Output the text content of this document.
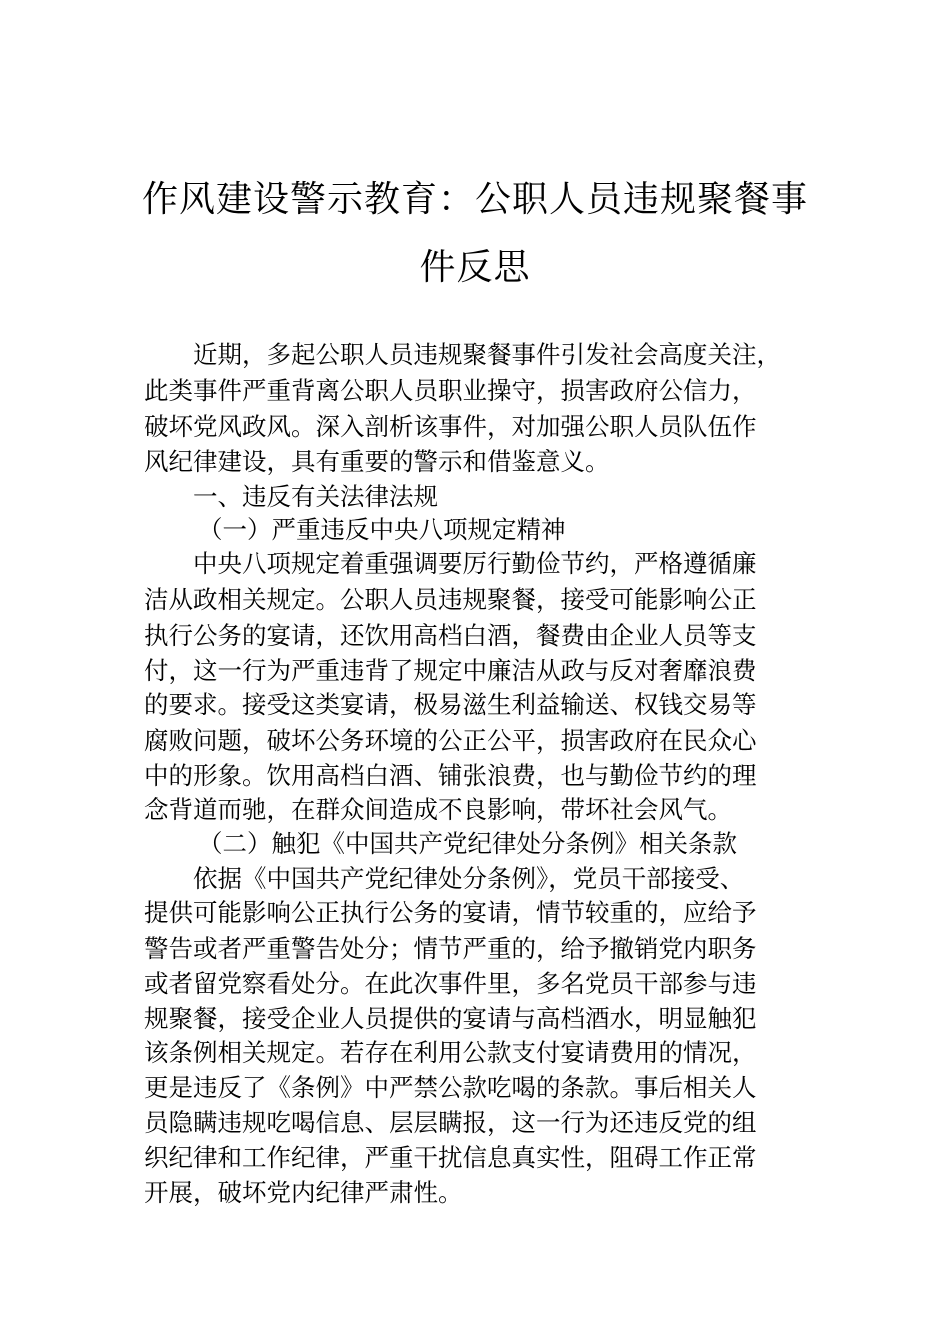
作风建设警示教育：公职人员违规聚餐事
件反思
近期，多起公职人员违规聚餐事件引发社会高度关注，
此类事件严重背离公职人员职业操守，损害政府公信力，
破坏党风政风。深入剖析该事件，对加强公职人员队伍作
风纪律建设，具有重要的警示和借鉴意义。
一、违反有关法律法规
（一）严重违反中央八项规定精神
中央八项规定着重强调要厉行勤俭节约，严格遵循廉
洁从政相关规定。公职人员违规聚餐，接受可能影响公正
执行公务的宴请，还饮用高档白酒，餐费由企业人员等支
付，这一行为严重违背了规定中廉洁从政与反对奢靡浪费
的要求。接受这类宴请，极易滋生利益输送、权钱交易等
腐败问题，破坏公务环境的公正公平，损害政府在民众心
中的形象。饮用高档白酒、铺张浪费，也与勤俭节约的理
念背道而驰，在群众间造成不良影响，带坏社会风气。
（二）触犯《中国共产党纪律处分条例》相关条款
依据《中国共产党纪律处分条例》，党员干部接受、
提供可能影响公正执行公务的宴请，情节较重的，应给予
警告或者严重警告处分；情节严重的，给予撤销党内职务
或者留党察看处分。在此次事件里，多名党员干部参与违
规聚餐，接受企业人员提供的宴请与高档酒水，明显触犯
该条例相关规定。若存在利用公款支付宴请费用的情况，
更是违反了《条例》中严禁公款吃喝的条款。事后相关人
员隐瞒违规吃喝信息、层层瞒报，这一行为还违反党的组
织纪律和工作纪律，严重干扰信息真实性，阻碍工作正常
开展，破坏党内纪律严肃性。
